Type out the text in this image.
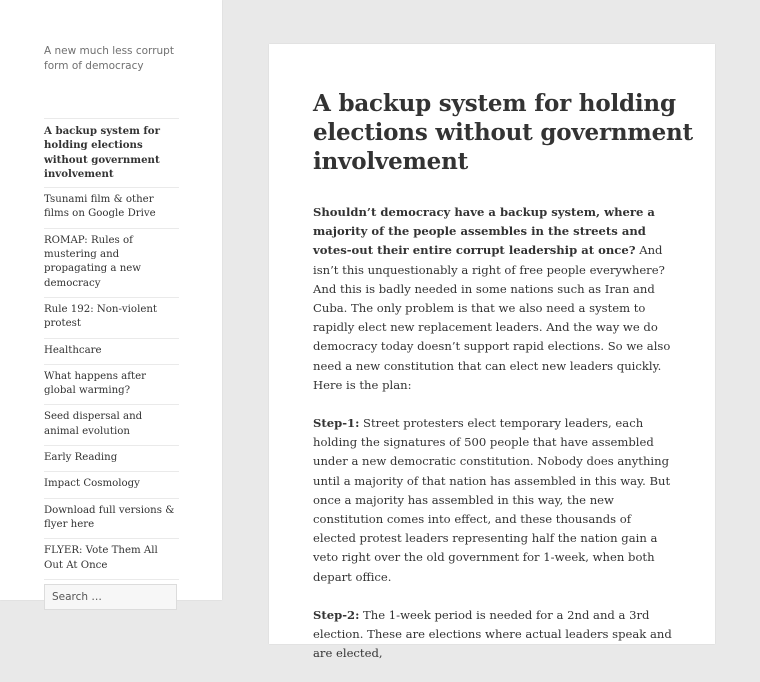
A new much less corrupt form of democracy

A backup system for holding elections without government involvement
Tsunami film & other films on Google Drive
ROMAP: Rules of mustering and propagating a new democracy
Rule 192: Non-violent protest
Healthcare
What happens after global warming?
Seed dispersal and animal evolution
Early Reading
Impact Cosmology
Download full versions & flyer here
FLYER: Vote Them All Out At Once
Search …
A backup system for holding elections without government involvement

Shouldn’t democracy have a backup system, where a majority of the people assembles in the streets and votes-out their entire corrupt leadership at once? And isn’t this unquestionably a right of free people everywhere? And this is badly needed in some nations such as Iran and Cuba. The only problem is that we also need a system to rapidly elect new replacement leaders. And the way we do democracy today doesn’t support rapid elections. So we also need a new constitution that can elect new leaders quickly. Here is the plan:

Step-1: Street protesters elect temporary leaders, each holding the signatures of 500 people that have assembled under a new democratic constitution. Nobody does anything until a majority of that nation has assembled in this way. But once a majority has assembled in this way, the new constitution comes into effect, and these thousands of elected protest leaders representing half the nation gain a veto right over the old government for 1-week, when both depart office.

Step-2: The 1-week period is needed for a 2nd and a 3rd election. These are elections where actual leaders speak and are elected,
